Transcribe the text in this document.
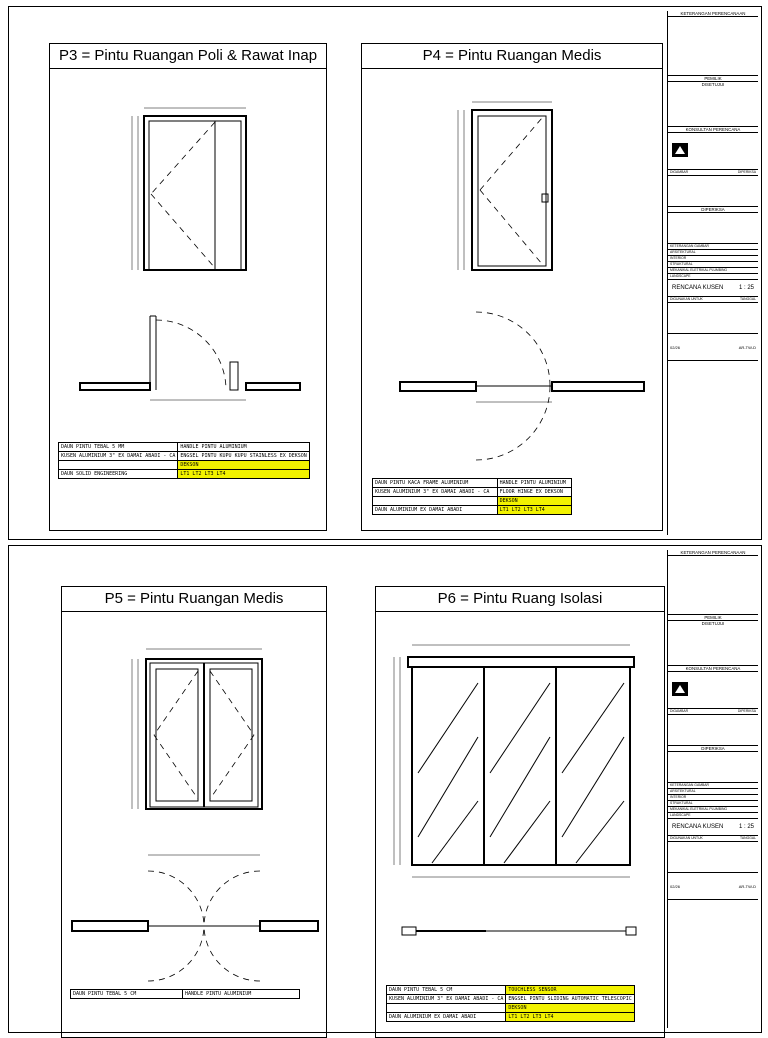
P3 = Pintu Ruangan Poli & Rawat Inap
DAUN PINTU TEBAL 5 MM	HANDLE PINTU ALUMINIUM
KUSEN ALUMINIUM 3" EX DAMAI ABADI - CA	ENGSEL PINTU KUPU KUPU STAINLESS EX DEKSON
	DEKSON
DAUN SOLID ENGINEERING	LT1 LT2 LT3 LT4
P4 = Pintu Ruangan Medis
DAUN PINTU KACA FRAME ALUMINIUM	HANDLE PINTU ALUMINIUM
KUSEN ALUMINIUM 3" EX DAMAI ABADI - CA	FLOOR HINGE EX DEKSON
	DEKSON
DAUN ALUMINIUM EX DAMAI ABADI	LT1 LT2 LT3 LT4
KETERANGAN PERENCANAAN
PEMILIK
DISETUJUI
KONSULTAN PERENCANA
DIGAMBAR	DIPERIKSA
DIPERIKSA
KETERANGAN GAMBAR
ARSITEKTURAL
INTERIOR
STRUKTURAL
MEKANIKAL ELETRIKAL PLUMBING
LANDSCAPE
RENCANA KUSEN	1 : 25
DIGUNAKAN UNTUK	TANGGAL
02/26	AR-TW-D
P5 = Pintu Ruangan Medis
DAUN PINTU TEBAL 5 CM	HANDLE PINTU ALUMINIUM
P6 = Pintu Ruang Isolasi
DAUN PINTU TEBAL 5 CM	TOUCHLESS SENSOR
KUSEN ALUMINIUM 3" EX DAMAI ABADI - CA	ENGSEL PINTU SLIDING AUTOMATIC TELESCOPIC
	DEKSON
DAUN ALUMINIUM EX DAMAI ABADI	LT1 LT2 LT3 LT4
KETERANGAN PERENCANAAN
PEMILIK
DISETUJUI
KONSULTAN PERENCANA
DIGAMBAR	DIPERIKSA
DIPERIKSA
KETERANGAN GAMBAR
ARSITEKTURAL
INTERIOR
STRUKTURAL
MEKANIKAL ELETRIKAL PLUMBING
LANDSCAPE
RENCANA KUSEN	1 : 25
DIGUNAKAN UNTUK	TANGGAL
02/26	AR-TW-D
